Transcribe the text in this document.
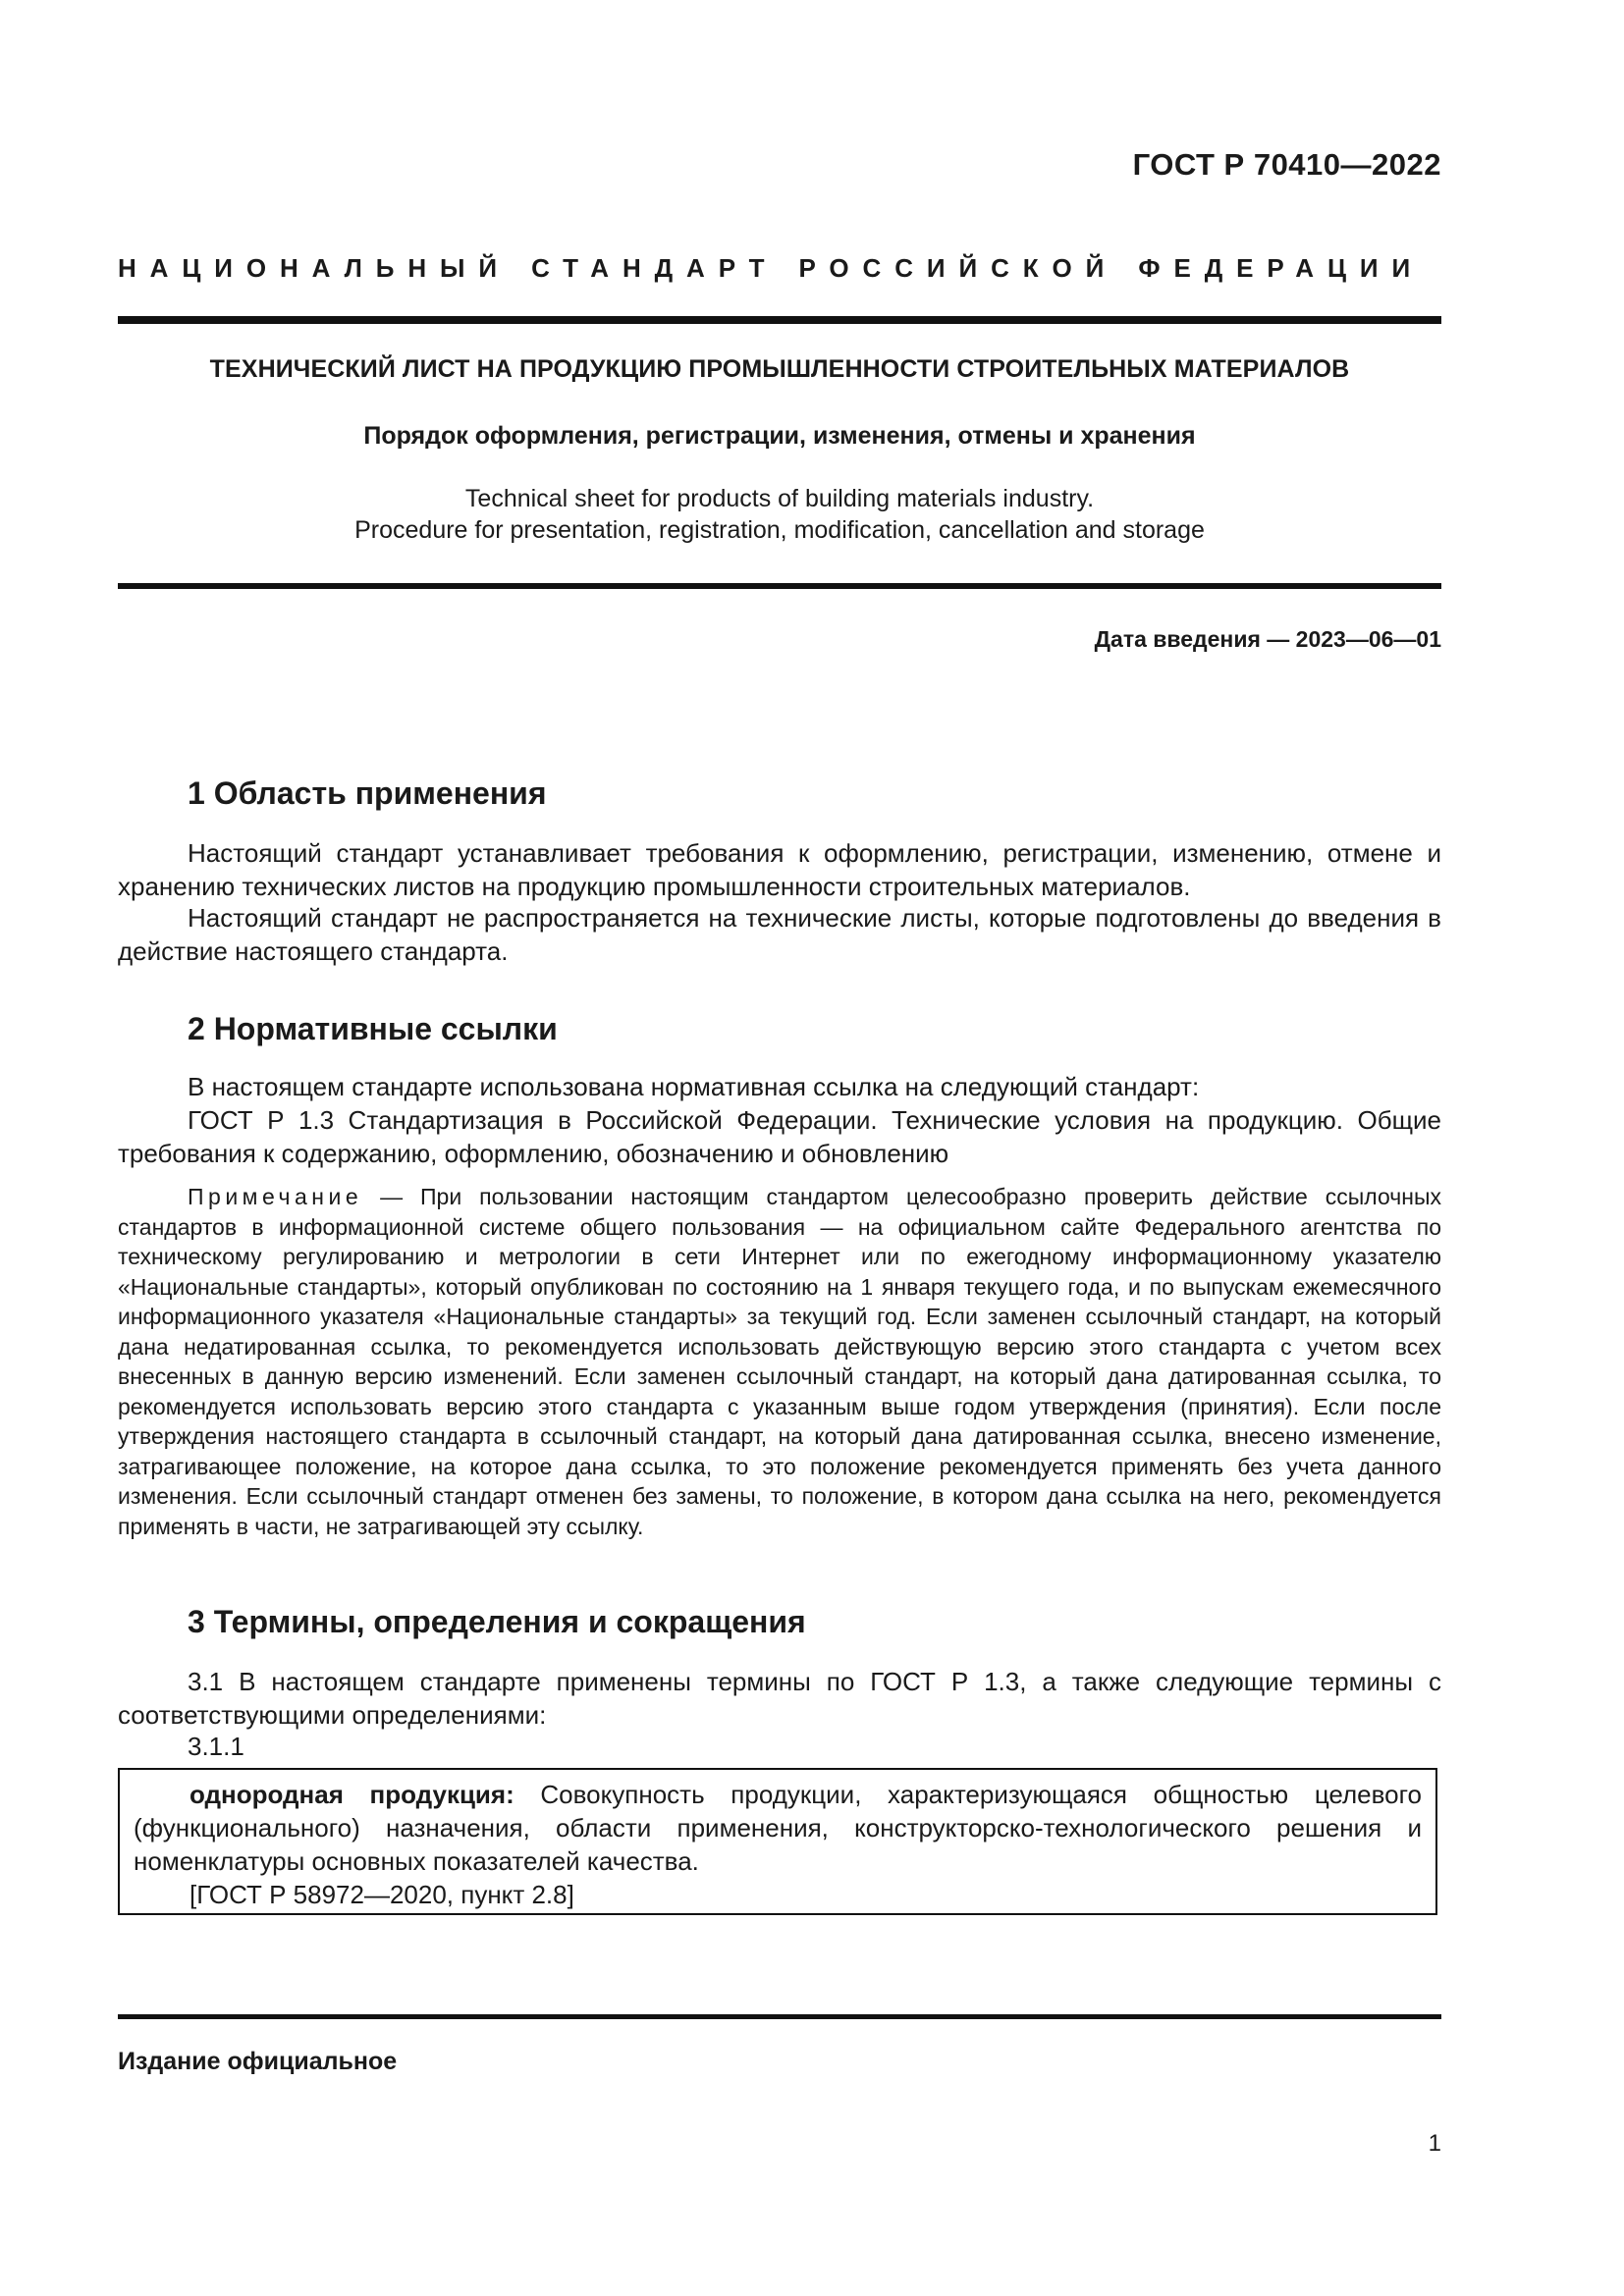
ГОСТ Р 70410—2022
НАЦИОНАЛЬНЫЙ СТАНДАРТ РОССИЙСКОЙ ФЕДЕРАЦИИ
ТЕХНИЧЕСКИЙ ЛИСТ НА ПРОДУКЦИЮ ПРОМЫШЛЕННОСТИ СТРОИТЕЛЬНЫХ МАТЕРИАЛОВ
Порядок оформления, регистрации, изменения, отмены и хранения
Technical sheet for products of building materials industry.
Procedure for presentation, registration, modification, cancellation and storage
Дата введения — 2023—06—01
1 Область применения
Настоящий стандарт устанавливает требования к оформлению, регистрации, изменению, отмене и хранению технических листов на продукцию промышленности строительных материалов.
Настоящий стандарт не распространяется на технические листы, которые подготовлены до введения в действие настоящего стандарта.
2 Нормативные ссылки
В настоящем стандарте использована нормативная ссылка на следующий стандарт:
ГОСТ Р 1.3 Стандартизация в Российской Федерации. Технические условия на продукцию. Общие требования к содержанию, оформлению, обозначению и обновлению
Примечание — При пользовании настоящим стандартом целесообразно проверить действие ссылочных стандартов в информационной системе общего пользования — на официальном сайте Федерального агентства по техническому регулированию и метрологии в сети Интернет или по ежегодному информационному указателю «Национальные стандарты», который опубликован по состоянию на 1 января текущего года, и по выпускам ежемесячного информационного указателя «Национальные стандарты» за текущий год. Если заменен ссылочный стандарт, на который дана недатированная ссылка, то рекомендуется использовать действующую версию этого стандарта с учетом всех внесенных в данную версию изменений. Если заменен ссылочный стандарт, на который дана датированная ссылка, то рекомендуется использовать версию этого стандарта с указанным выше годом утверждения (принятия). Если после утверждения настоящего стандарта в ссылочный стандарт, на который дана датированная ссылка, внесено изменение, затрагивающее положение, на которое дана ссылка, то это положение рекомендуется применять без учета данного изменения. Если ссылочный стандарт отменен без замены, то положение, в котором дана ссылка на него, рекомендуется применять в части, не затрагивающей эту ссылку.
3 Термины, определения и сокращения
3.1 В настоящем стандарте применены термины по ГОСТ Р 1.3, а также следующие термины с соответствующими определениями:
3.1.1
однородная продукция: Совокупность продукции, характеризующаяся общностью целевого (функционального) назначения, области применения, конструкторско-технологического решения и номенклатуры основных показателей качества.
[ГОСТ Р 58972—2020, пункт 2.8]
Издание официальное
1
